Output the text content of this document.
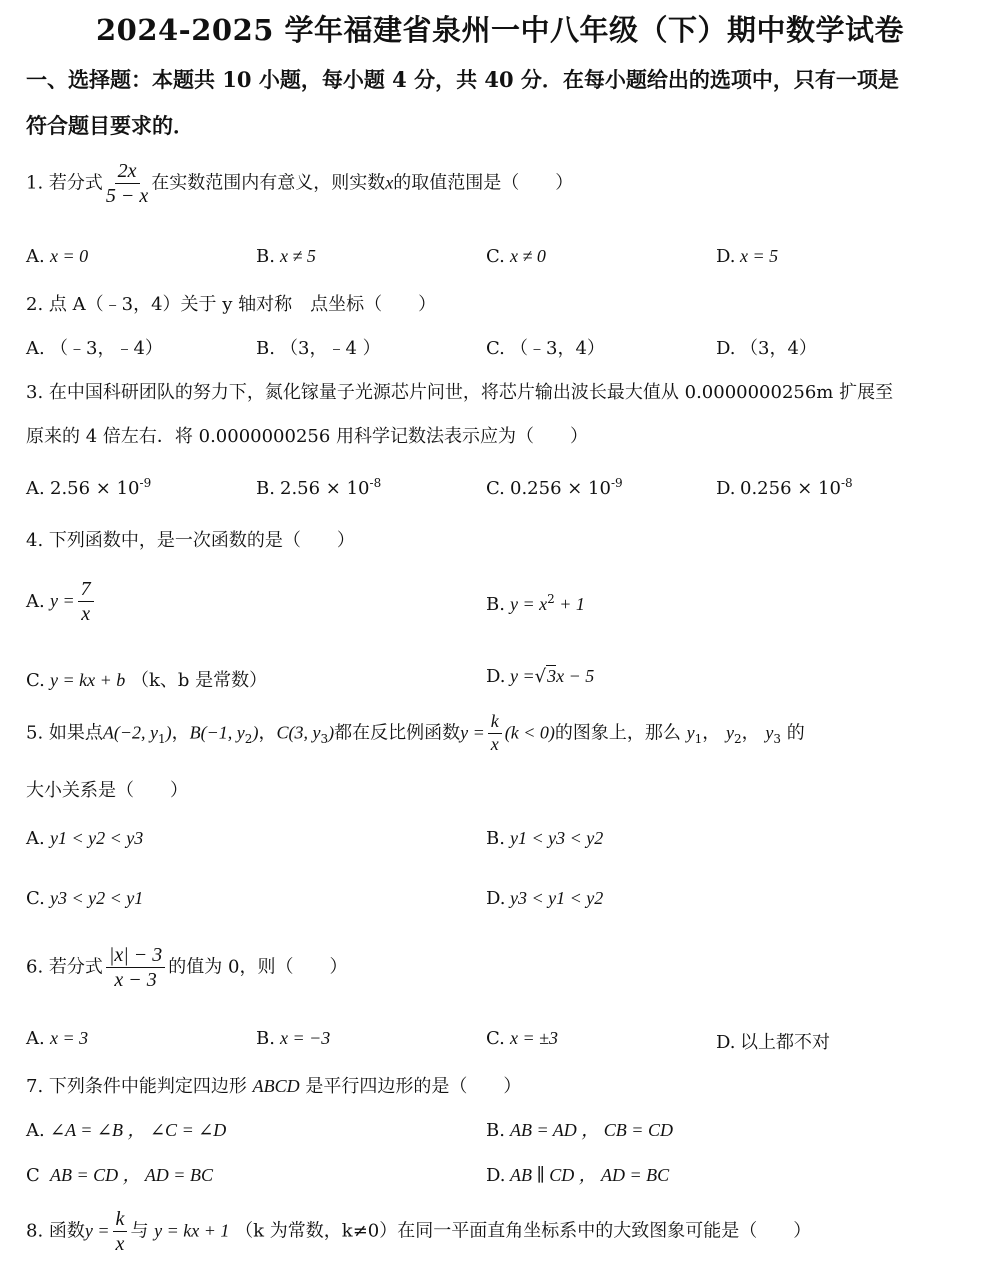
2024-2025 学年福建省泉州一中八年级（下）期中数学试卷
一、选择题：本题共 10 小题，每小题 4 分，共 40 分．在每小题给出的选项中，只有一项是
符合题目要求的．
1. 若分式 $\frac{2x}{5 - x}$ 在实数范围内有意义，则实数x的取值范围是（　　）
A. x = 0	B. x ≠ 5	C. x ≠ 0	D. x = 5
2. 点 A（﹣3，4）关于 y 轴对称　点坐标（　　）
A. （﹣3，﹣4）	B. （3，﹣4 ）	C. （﹣3，4）	D. （3，4）
3. 在中国科研团队的努力下，氮化镓量子光源芯片问世，将芯片输出波长最大值从 0.0000000256m 扩展至
原来的 4 倍左右．将 0.0000000256 用科学记数法表示应为（　　）
A. $2.56 \times 10^{-9}$	B. $2.56 \times 10^{-8}$	C. $0.256 \times 10^{-9}$	D. $0.256 \times 10^{-8}$
4. 下列函数中，是一次函数的是（　　）
A. $y = \frac{7}{x}$	B. $y = x^2 + 1$
C. y = kx + b （k、b 是常数）	D. y =√3x − 5
5. 如果点A(−2, $y_1$)，B(−1, $y_2$)，C(3, $y_3$)都在反比例函数$y = \frac{k}{x} (k < 0)$的图象上，那么 $y_1$， $y_2$， $y_3$ 的
大小关系是（　　）
A. y1 < y2 < y3	B. y1 < y3 < y2
C. y3 < y2 < y1	D. y3 < y1 < y2
6. 若分式 $\frac{|x| - 3}{x - 3}$ 的值为 0，则（　　）
A. x = 3	B. x = −3	C. x = ±3	D. 以上都不对
7. 下列条件中能判定四边形 ABCD 是平行四边形的是（　　）
A. ∠A = ∠B ， ∠C = ∠D	B. AB = AD ， CB = CD
C AB = CD ， AD = BC	D. AB ∥ CD ， AD = BC
8. 函数$y = \frac{k}{x}$ 与 y = kx + 1 （k 为常数，k≠0）在同一平面直角坐标系中的大致图象可能是（　　）
